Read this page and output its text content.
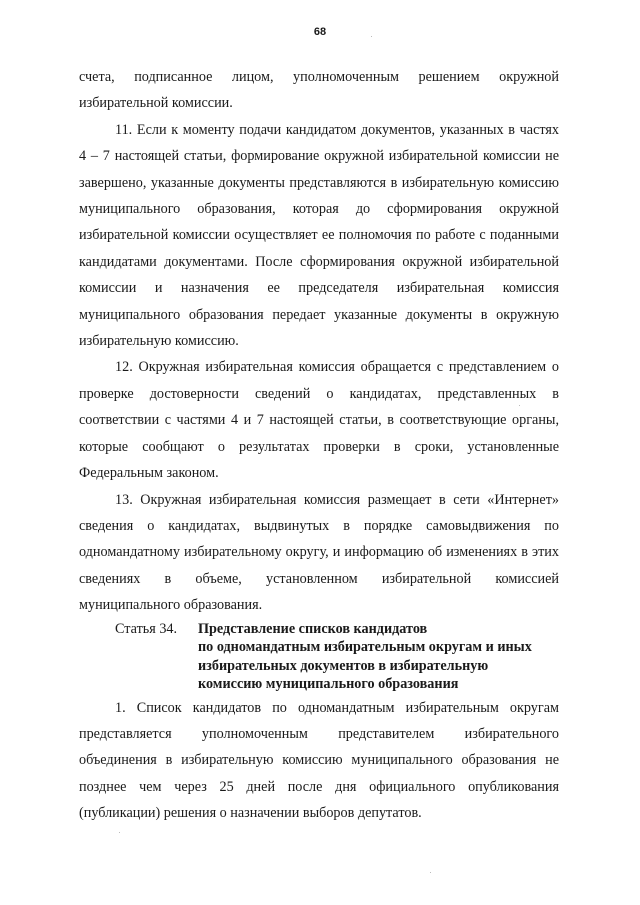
68

счета, подписанное лицом, уполномоченным решением окружной избирательной комиссии.

11. Если к моменту подачи кандидатом документов, указанных в частях 4 – 7 настоящей статьи, формирование окружной избирательной комиссии не завершено, указанные документы представляются в избирательную комиссию муниципального образования, которая до сформирования окружной избирательной комиссии осуществляет ее полномочия по работе с поданными кандидатами документами. После сформирования окружной избирательной комиссии и назначения ее председателя избирательная комиссия муниципального образования передает указанные документы в окружную избирательную комиссию.

12. Окружная избирательная комиссия обращается с представлением о проверке достоверности сведений о кандидатах, представленных в соответствии с частями 4 и 7 настоящей статьи, в соответствующие органы, которые сообщают о результатах проверки в сроки, установленные Федеральным законом.

13. Окружная избирательная комиссия размещает в сети «Интернет» сведения о кандидатах, выдвинутых в порядке самовыдвижения по одномандатному избирательному округу, и информацию об изменениях в этих сведениях в объеме, установленном избирательной комиссией муниципального образования.

Статья 34.	Представление списков кандидатов
по одномандатным избирательным округам и иных
избирательных документов в избирательную
комиссию муниципального образования

1. Список кандидатов по одномандатным избирательным округам представляется уполномоченным представителем избирательного объединения в избирательную комиссию муниципального образования не позднее чем через 25 дней после дня официального опубликования (публикации) решения о назначении выборов депутатов.
